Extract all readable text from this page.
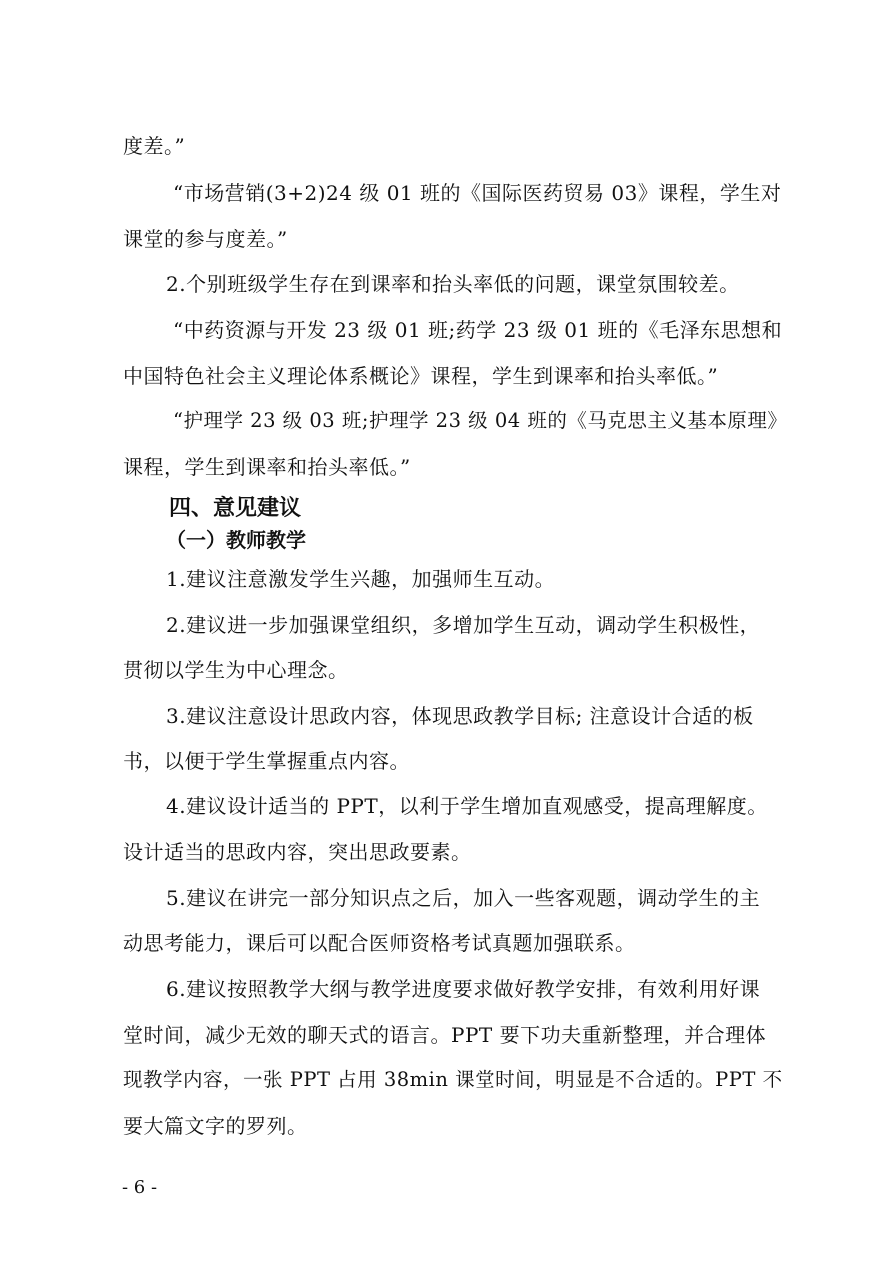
度差。”

“市场营销(3+2)24 级 01 班的《国际医药贸易 03》课程，学生对

课堂的参与度差。”

2.个别班级学生存在到课率和抬头率低的问题，课堂氛围较差。

“中药资源与开发 23 级 01 班;药学 23 级 01 班的《毛泽东思想和

中国特色社会主义理论体系概论》课程，学生到课率和抬头率低。”

“护理学 23 级 03 班;护理学 23 级 04 班的《马克思主义基本原理》

课程，学生到课率和抬头率低。”

四、意见建议
（一）教师教学

1.建议注意激发学生兴趣，加强师生互动。

2.建议进一步加强课堂组织，多增加学生互动，调动学生积极性，

贯彻以学生为中心理念。

3.建议注意设计思政内容，体现思政教学目标; 注意设计合适的板

书，以便于学生掌握重点内容。

4.建议设计适当的 PPT，以利于学生增加直观感受，提高理解度。

设计适当的思政内容，突出思政要素。

5.建议在讲完一部分知识点之后，加入一些客观题，调动学生的主

动思考能力，课后可以配合医师资格考试真题加强联系。

6.建议按照教学大纲与教学进度要求做好教学安排，有效利用好课

堂时间，减少无效的聊天式的语言。PPT 要下功夫重新整理，并合理体

现教学内容，一张 PPT 占用 38min 课堂时间，明显是不合适的。PPT 不

要大篇文字的罗列。

- 6 -
